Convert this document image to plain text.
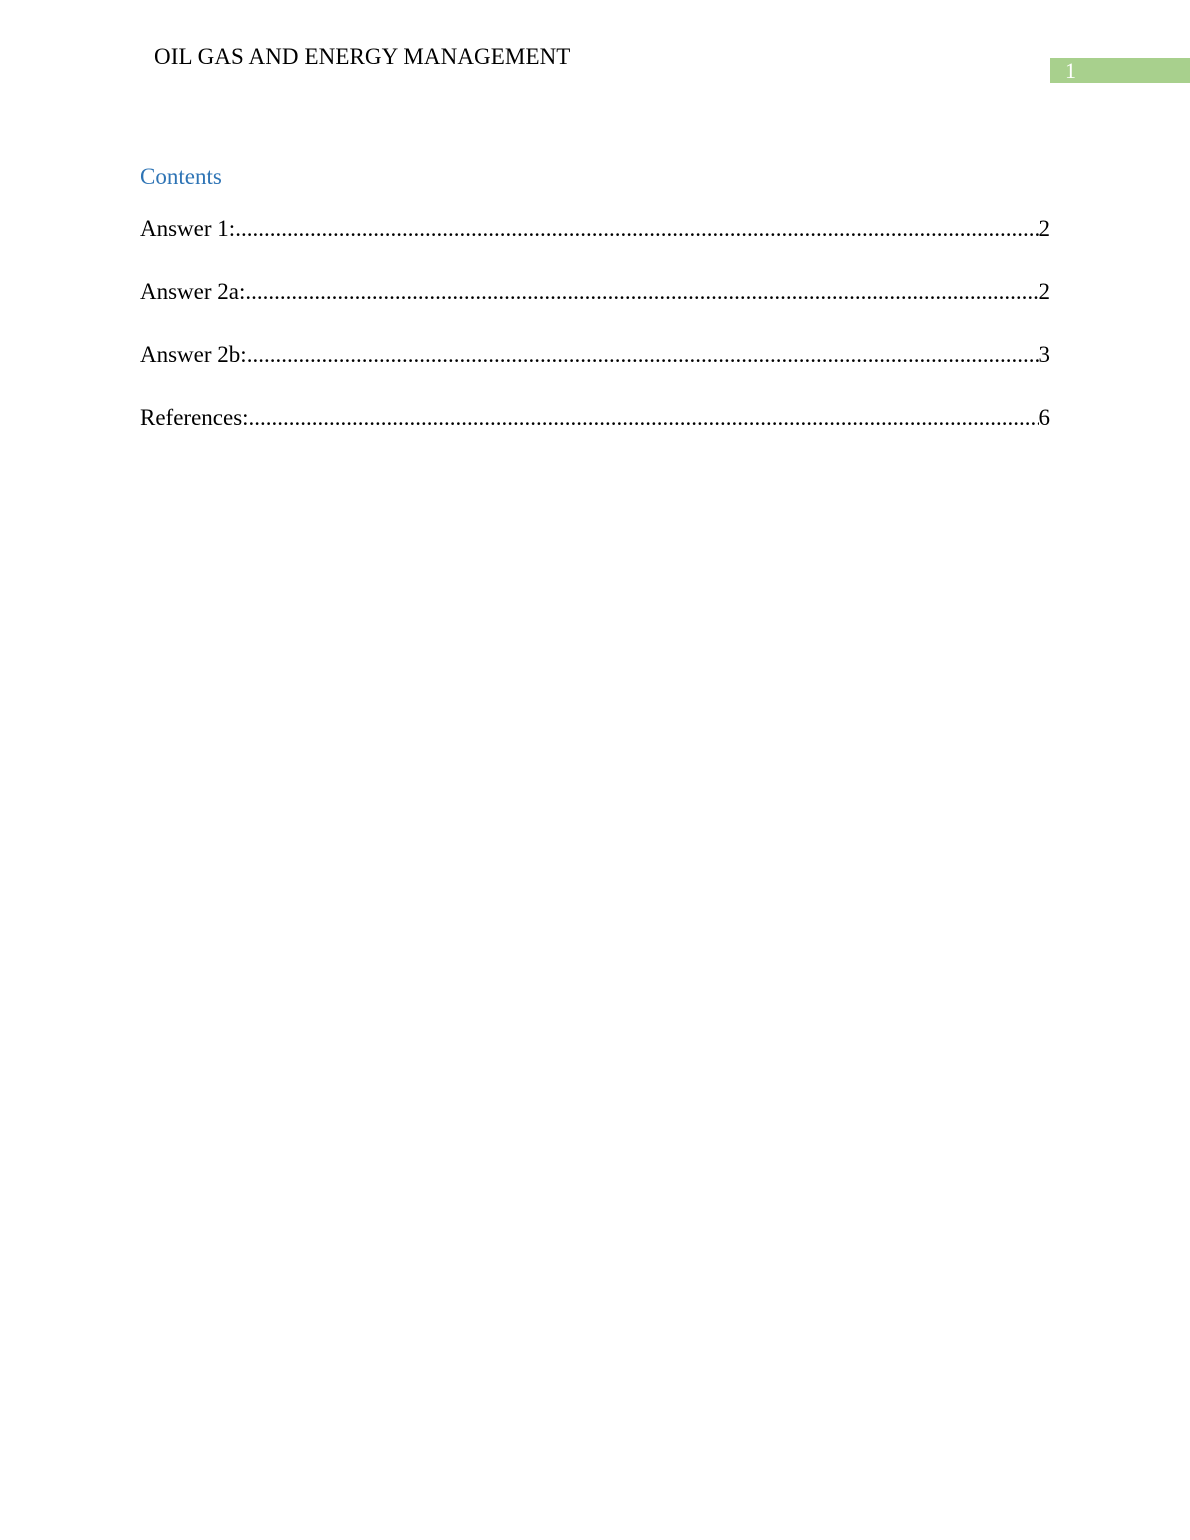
OIL GAS AND ENERGY MANAGEMENT
1
Contents
Answer 1: .....	2
Answer 2a: .....	2
Answer 2b: .....	3
References: .....	6
